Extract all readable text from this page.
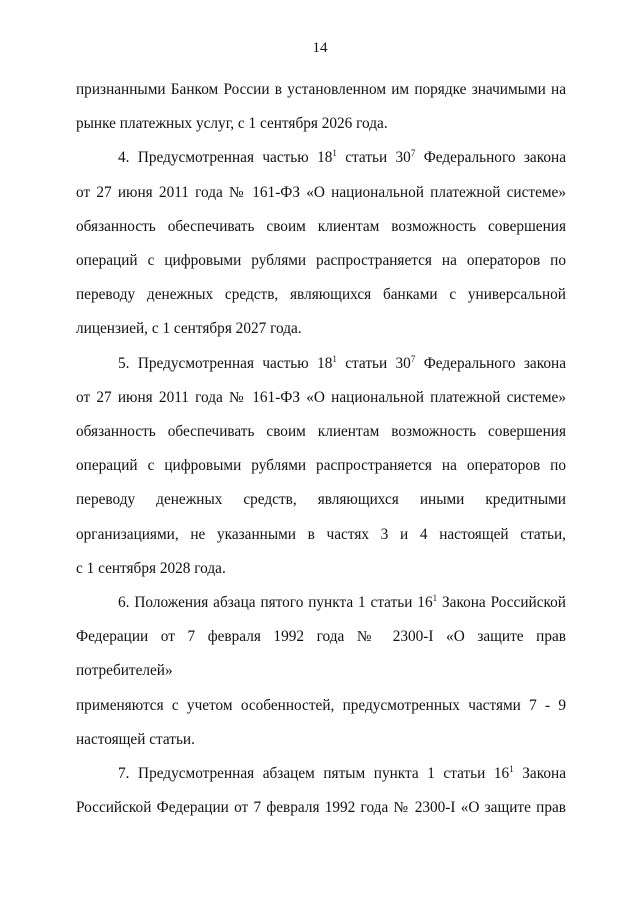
14
признанными Банком России в установленном им порядке значимыми на
рынке платежных услуг, с 1 сентября 2026 года.
4. Предусмотренная частью $18^1$ статьи $30^7$ Федерального закона
от 27 июня 2011 года № 161-ФЗ «О национальной платежной системе»
обязанность обеспечивать своим клиентам возможность совершения
операций с цифровыми рублями распространяется на операторов по
переводу денежных средств, являющихся банками с универсальной
лицензией, с 1 сентября 2027 года.
5. Предусмотренная частью $18^1$ статьи $30^7$ Федерального закона
от 27 июня 2011 года № 161-ФЗ «О национальной платежной системе»
обязанность обеспечивать своим клиентам возможность совершения
операций с цифровыми рублями распространяется на операторов по
переводу денежных средств, являющихся иными кредитными
организациями, не указанными в частях 3 и 4 настоящей статьи,
с 1 сентября 2028 года.
6. Положения абзаца пятого пункта 1 статьи $16^1$ Закона Российской
Федерации от 7 февраля 1992 года № 2300-I «О защите прав потребителей»
применяются с учетом особенностей, предусмотренных частями 7 - 9
настоящей статьи.
7. Предусмотренная абзацем пятым пункта 1 статьи $16^1$ Закона
Российской Федерации от 7 февраля 1992 года № 2300-I «О защите прав
